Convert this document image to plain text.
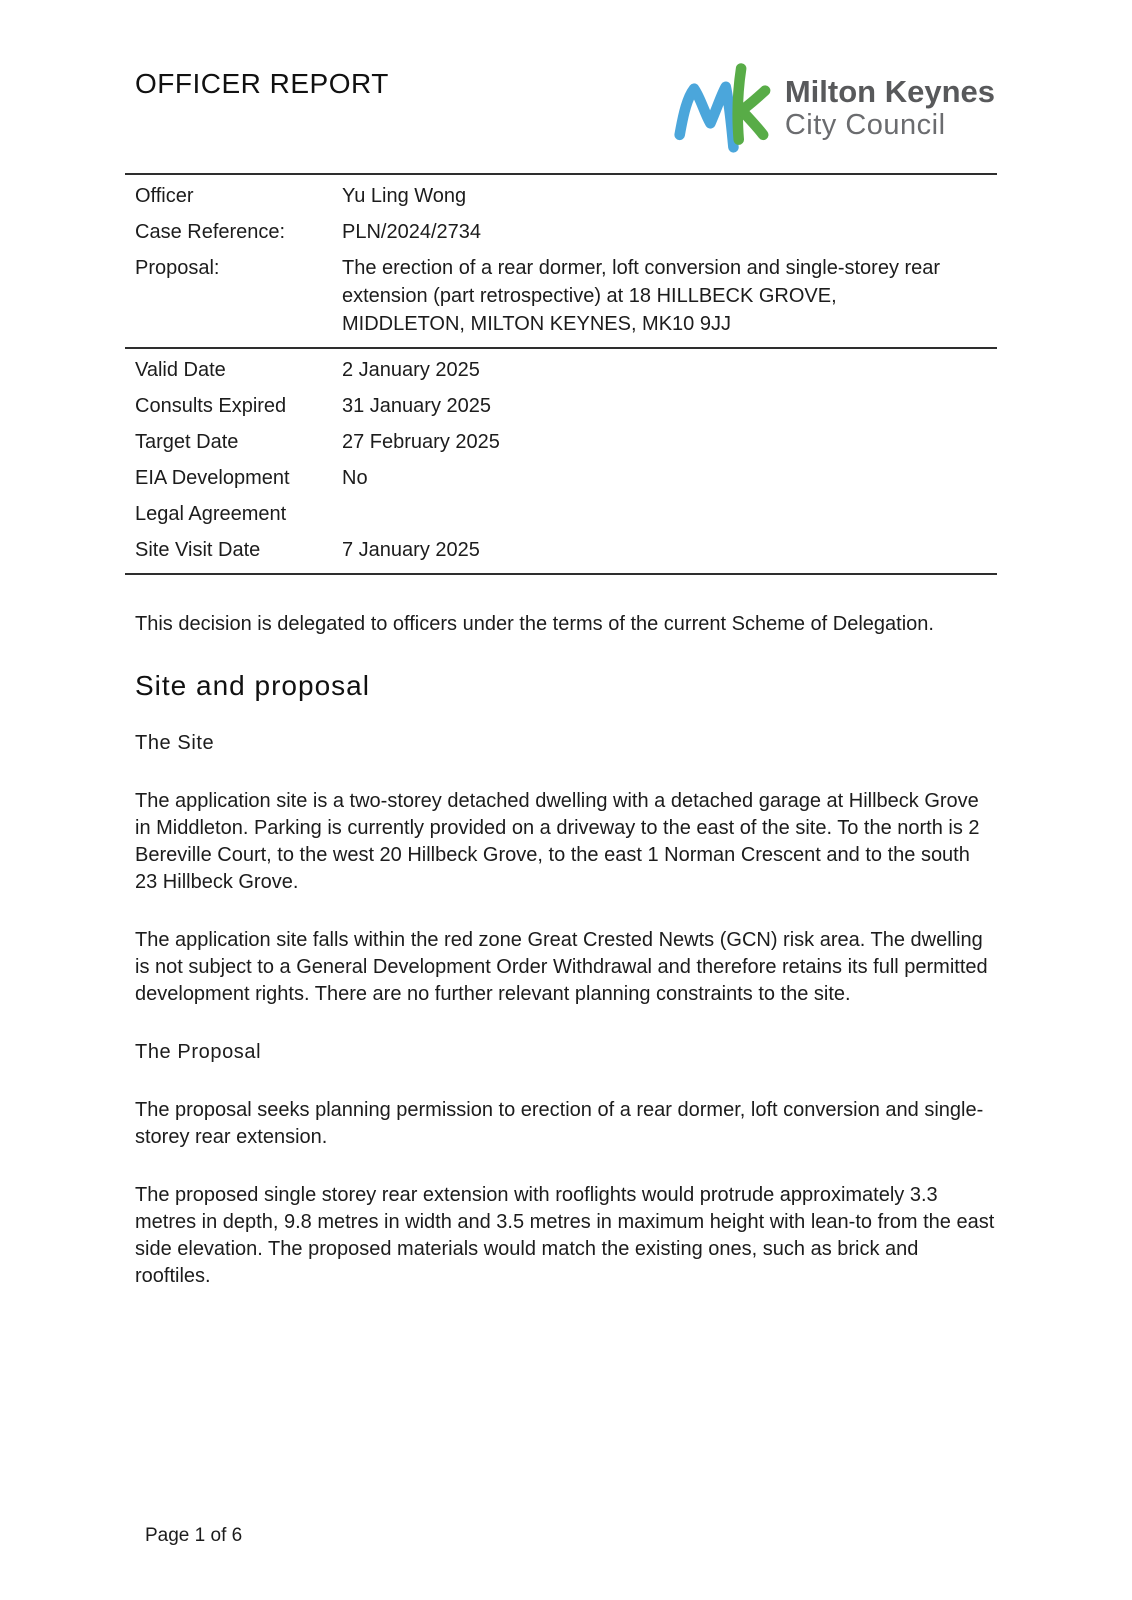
OFFICER REPORT	Milton Keynes
City Council
Officer	Yu Ling Wong
Case Reference:	PLN/2024/2734
Proposal:	The erection of a rear dormer, loft conversion and single-storey rear extension (part retrospective) at 18 HILLBECK GROVE, MIDDLETON, MILTON KEYNES, MK10 9JJ
Valid Date	2 January 2025
Consults Expired	31 January 2025
Target Date	27 February 2025
EIA Development	No
Legal Agreement
Site Visit Date	7 January 2025
This decision is delegated to officers under the terms of the current Scheme of Delegation.
Site and proposal
The Site
The application site is a two-storey detached dwelling with a detached garage at Hillbeck Grove in Middleton. Parking is currently provided on a driveway to the east of the site. To the north is 2 Bereville Court, to the west 20 Hillbeck Grove, to the east 1 Norman Crescent and to the south 23 Hillbeck Grove.
The application site falls within the red zone Great Crested Newts (GCN) risk area. The dwelling is not subject to a General Development Order Withdrawal and therefore retains its full permitted development rights. There are no further relevant planning constraints to the site.
The Proposal
The proposal seeks planning permission to erection of a rear dormer, loft conversion and single-storey rear extension.
The proposed single storey rear extension with rooflights would protrude approximately 3.3 metres in depth, 9.8 metres in width and 3.5 metres in maximum height with lean-to from the east side elevation. The proposed materials would match the existing ones, such as brick and rooftiles.
Page 1 of 6
